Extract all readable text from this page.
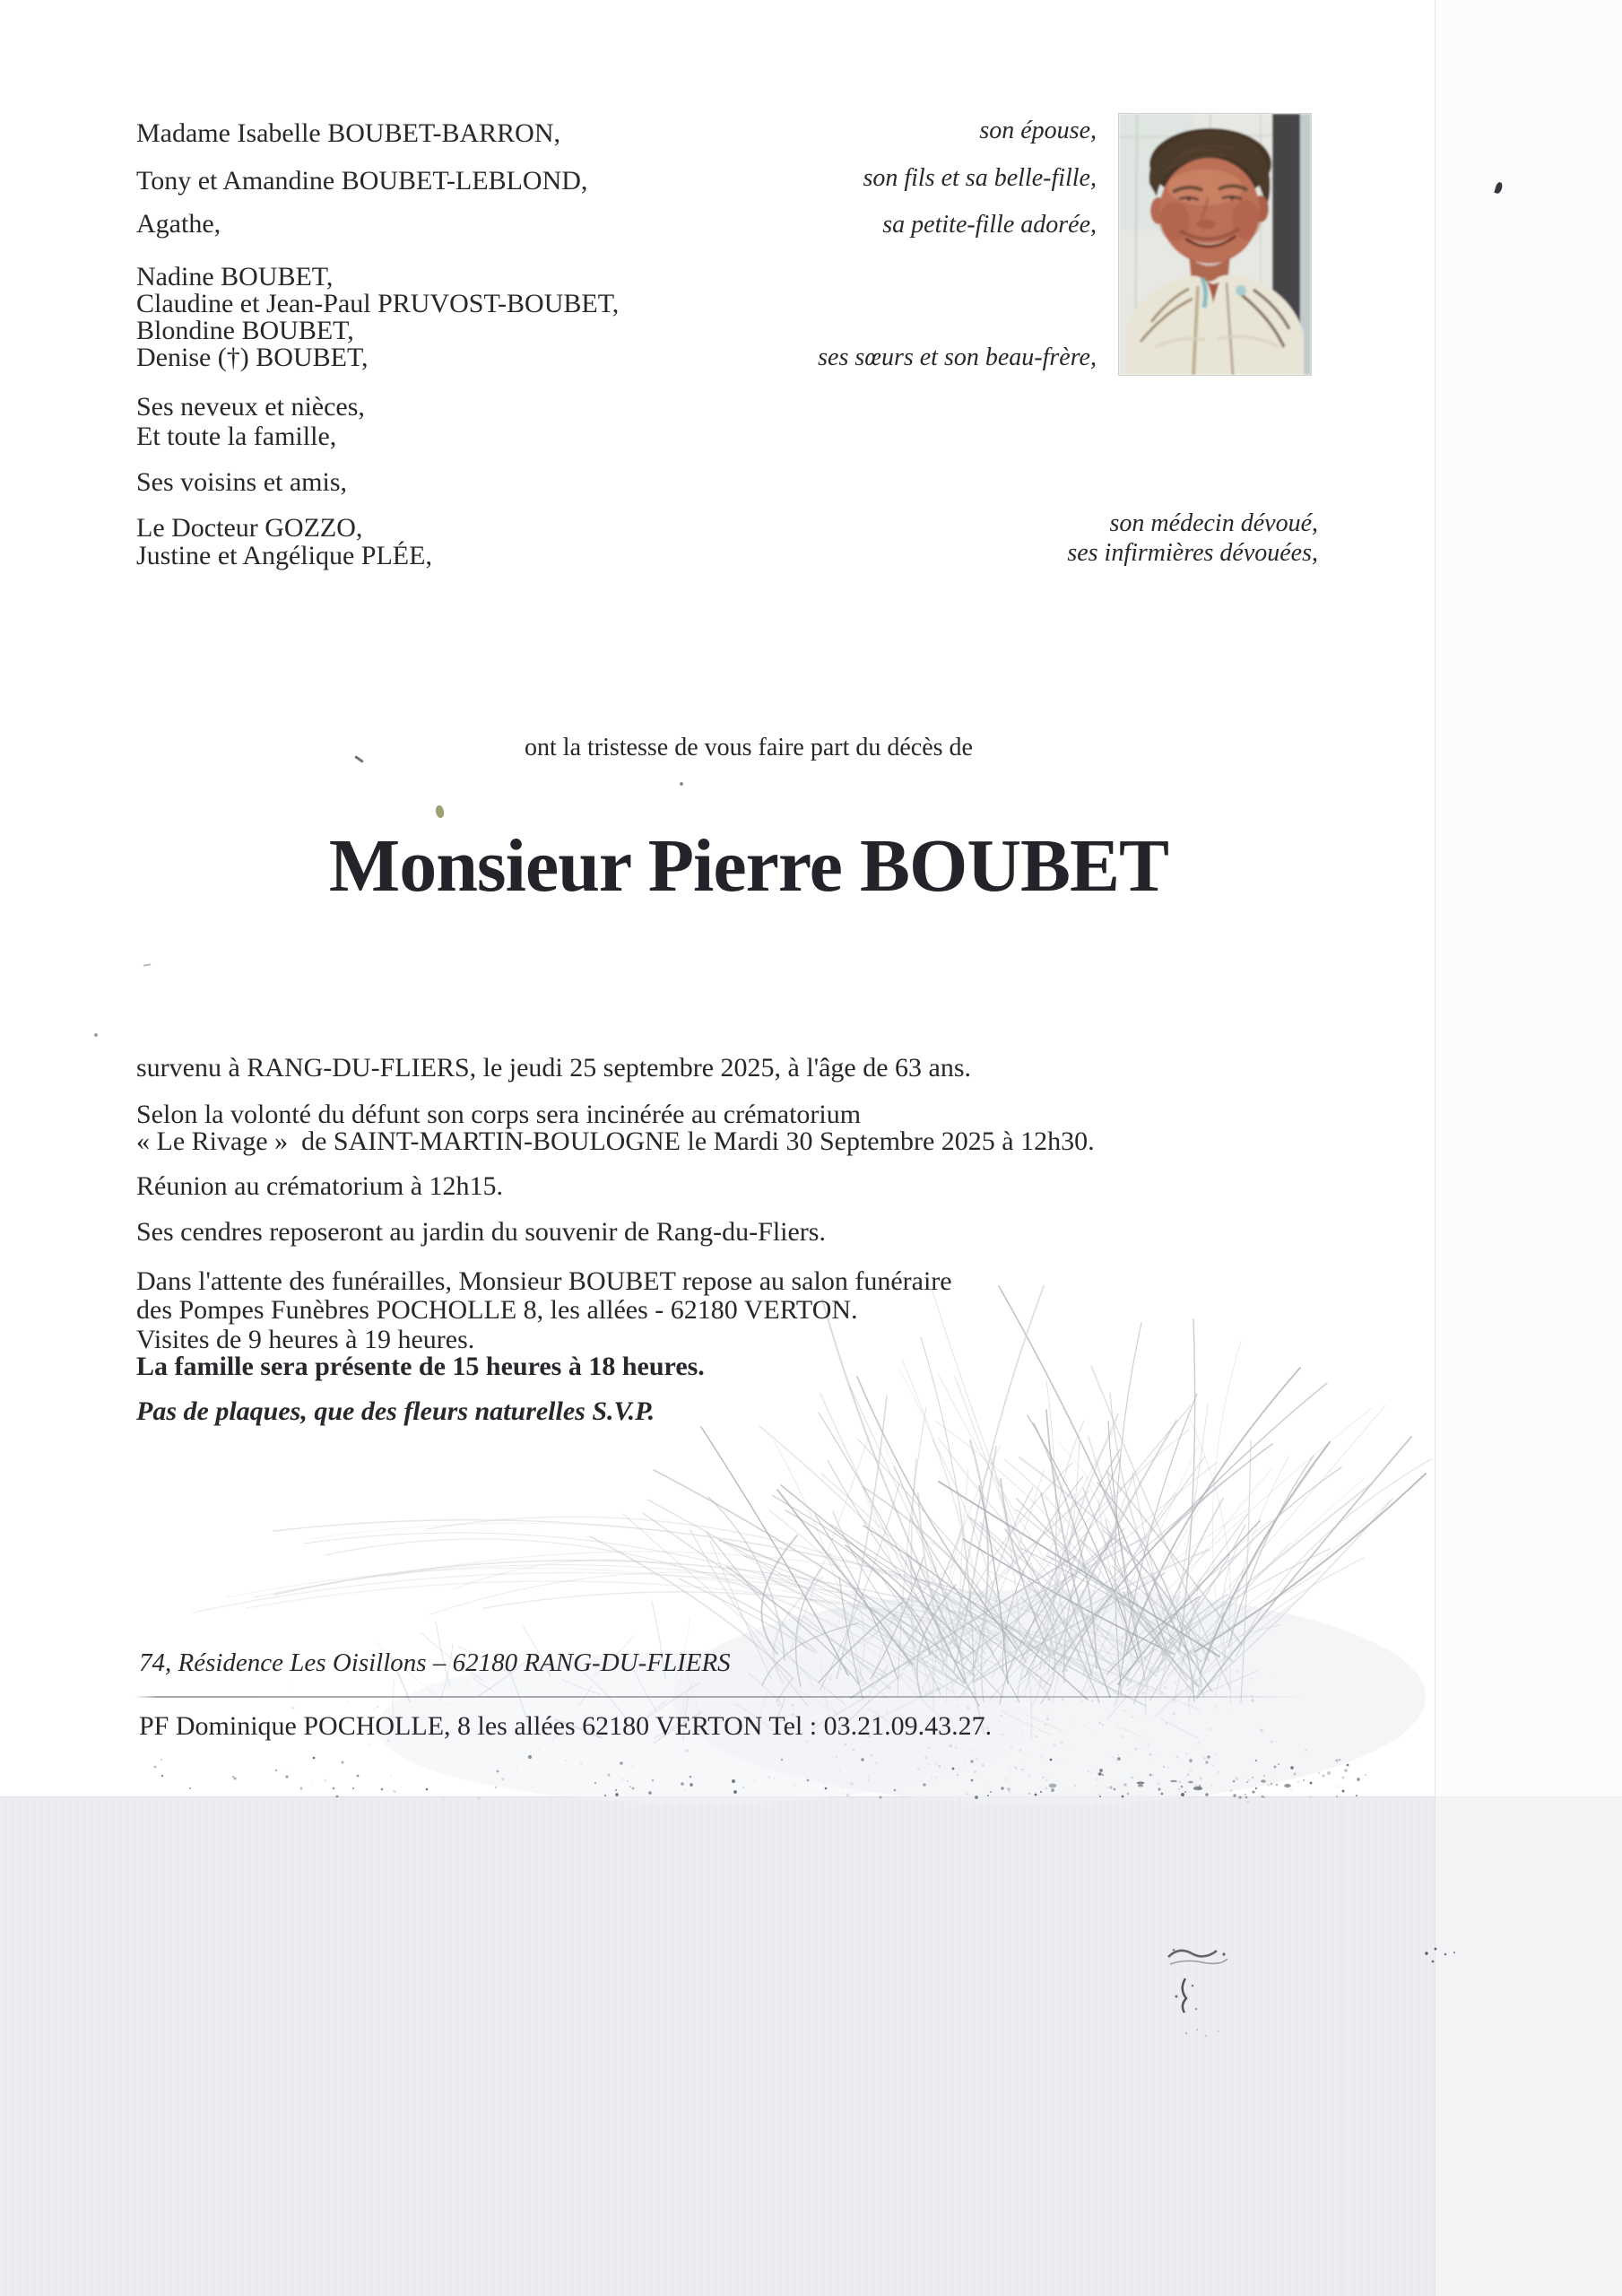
Madame Isabelle BOUBET-BARRON,
Tony et Amandine BOUBET-LEBLOND,
Agathe,
Nadine BOUBET,
Claudine et Jean-Paul PRUVOST-BOUBET,
Blondine BOUBET,
Denise (†) BOUBET,
Ses neveux et nièces,
Et toute la famille,
Ses voisins et amis,
Le Docteur GOZZO,
Justine et Angélique PLÉE,
son épouse,
son fils et sa belle-fille,
sa petite-fille adorée,
ses sœurs et son beau-frère,
son médecin dévoué,
ses infirmières dévouées,
ont la tristesse de vous faire part du décès de
Monsieur Pierre BOUBET
survenu à RANG-DU-FLIERS, le jeudi 25 septembre 2025, à l'âge de 63 ans.
Selon la volonté du défunt son corps sera incinérée au crématorium
« Le Rivage »  de SAINT-MARTIN-BOULOGNE le Mardi 30 Septembre 2025 à 12h30.
Réunion au crématorium à 12h15.
Ses cendres reposeront au jardin du souvenir de Rang-du-Fliers.
Dans l'attente des funérailles, Monsieur BOUBET repose au salon funéraire
des Pompes Funèbres POCHOLLE 8, les allées - 62180 VERTON.
Visites de 9 heures à 19 heures.
La famille sera présente de 15 heures à 18 heures.
Pas de plaques, que des fleurs naturelles S.V.P.
74, Résidence Les Oisillons – 62180 RANG-DU-FLIERS
PF Dominique POCHOLLE, 8 les allées 62180 VERTON Tel : 03.21.09.43.27.
